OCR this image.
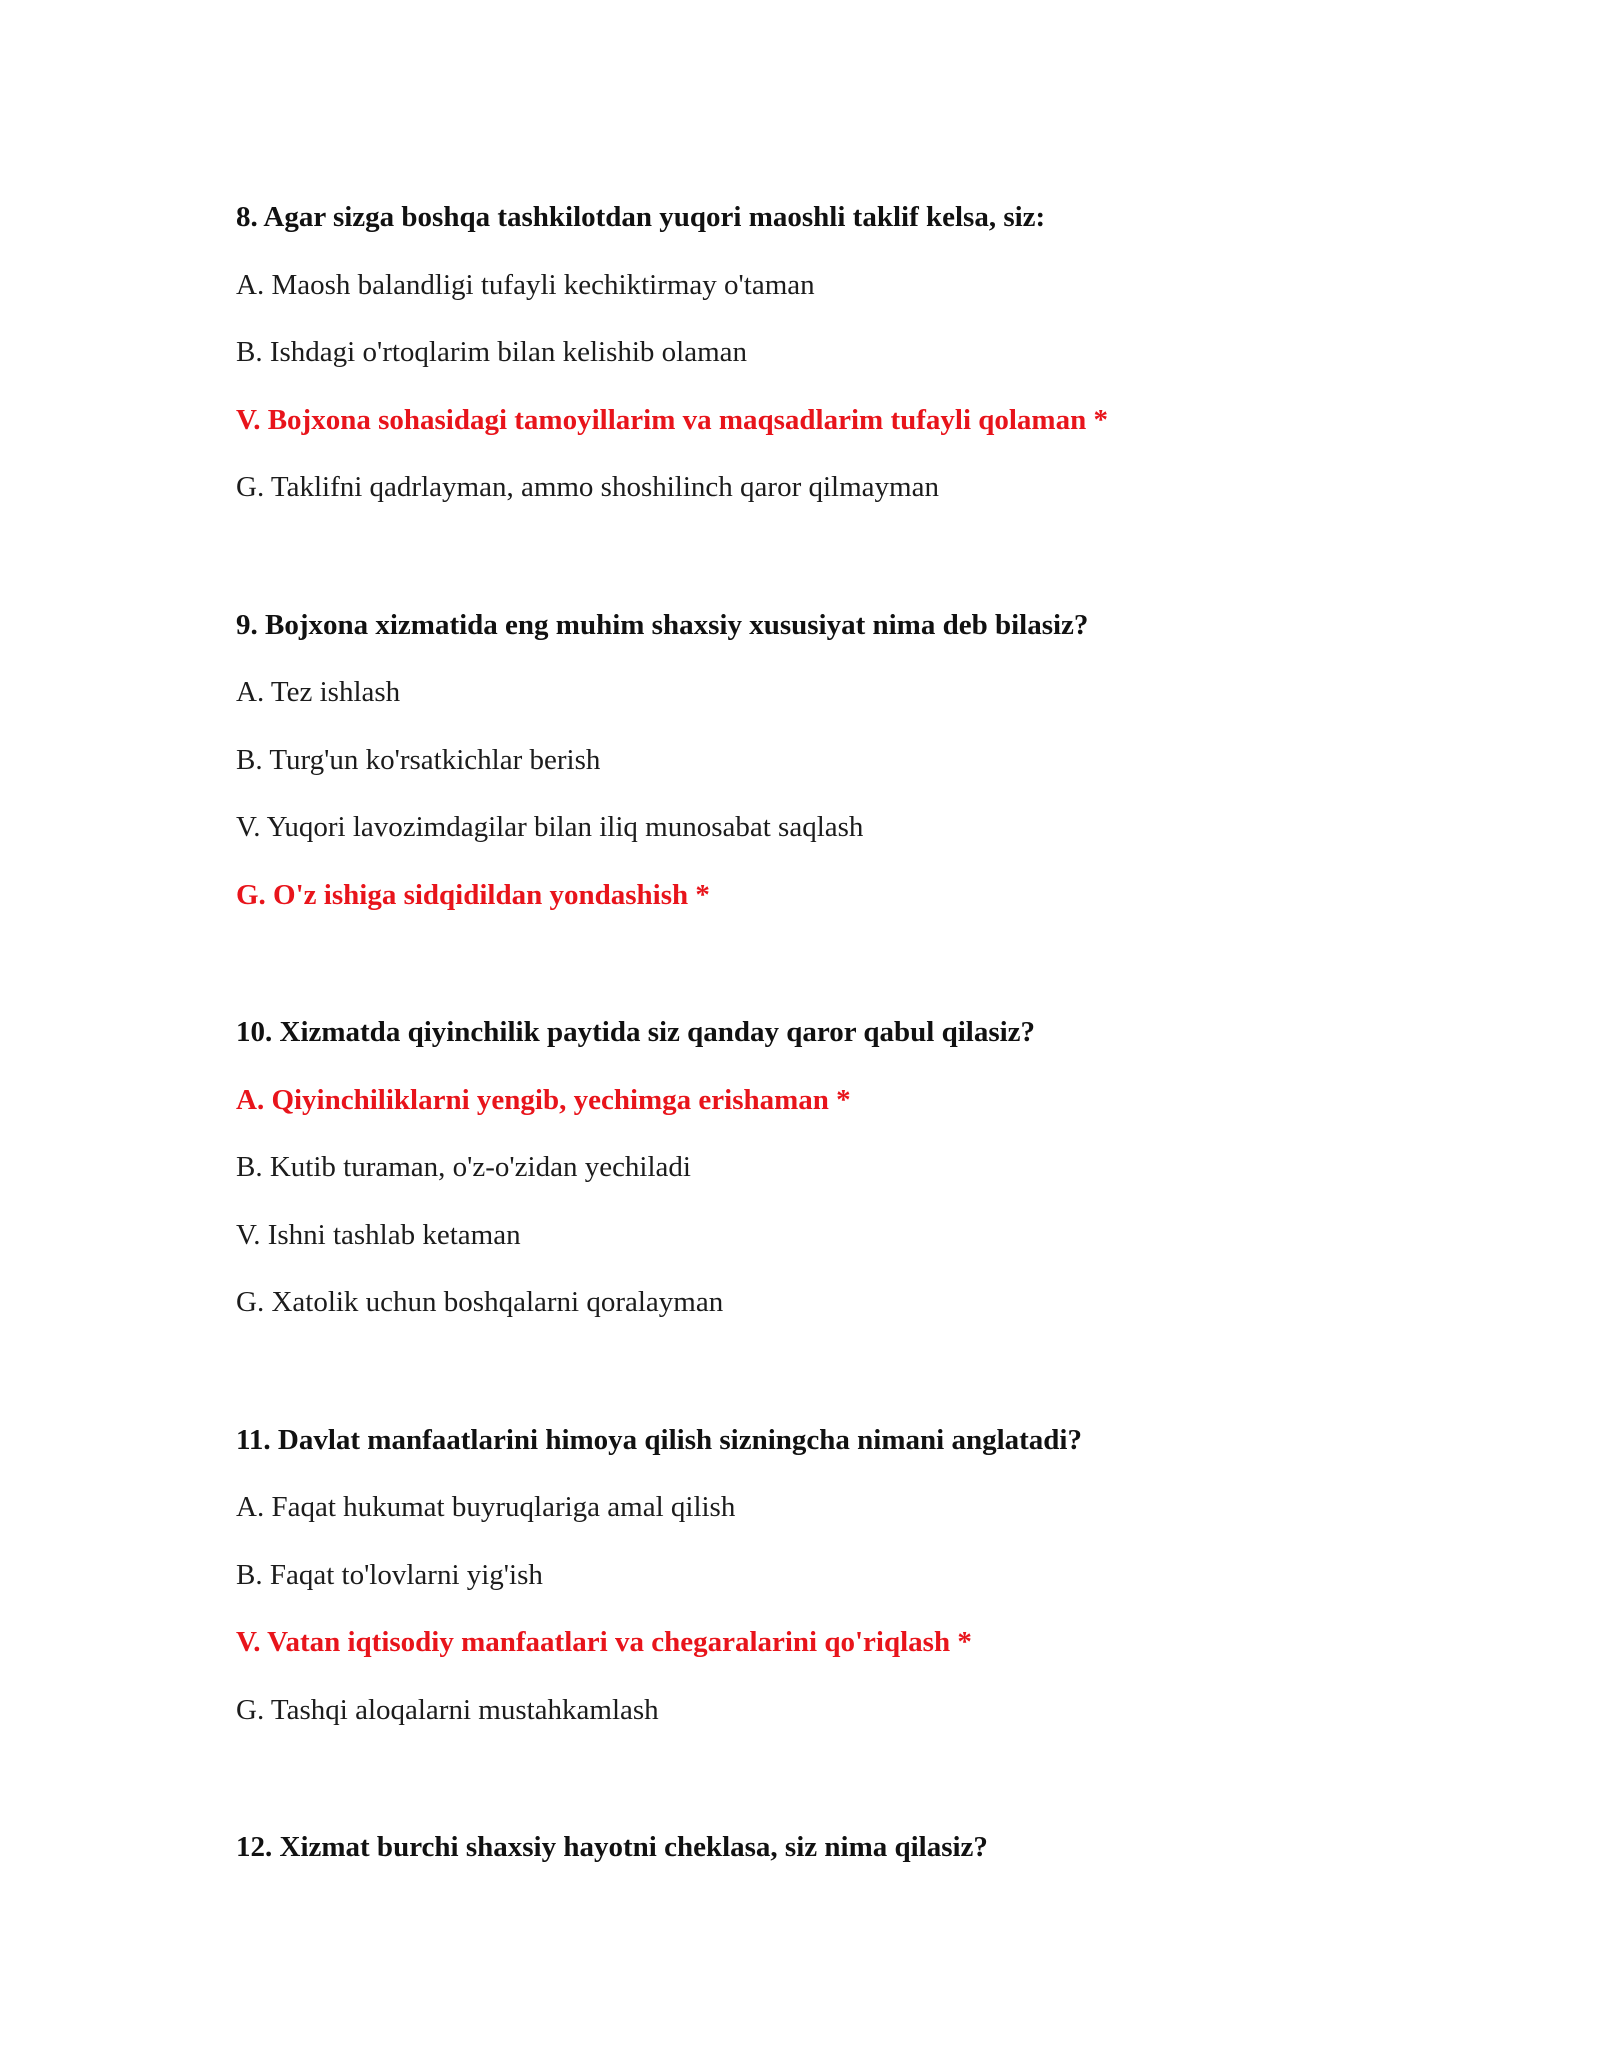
8. Agar sizga boshqa tashkilotdan yuqori maoshli taklif kelsa, siz:
A. Maosh balandligi tufayli kechiktirmay o'taman
B. Ishdagi o'rtoqlarim bilan kelishib olaman
V. Bojxona sohasidagi tamoyillarim va maqsadlarim tufayli qolaman *
G. Taklifni qadrlayman, ammo shoshilinch qaror qilmayman
9. Bojxona xizmatida eng muhim shaxsiy xususiyat nima deb bilasiz?
A. Tez ishlash
B. Turg'un ko'rsatkichlar berish
V. Yuqori lavozimdagilar bilan iliq munosabat saqlash
G. O'z ishiga sidqidildan yondashish *
10. Xizmatda qiyinchilik paytida siz qanday qaror qabul qilasiz?
A. Qiyinchiliklarni yengib, yechimga erishaman *
B. Kutib turaman, o'z-o'zidan yechiladi
V. Ishni tashlab ketaman
G. Xatolik uchun boshqalarni qoralayman
11. Davlat manfaatlarini himoya qilish sizningcha nimani anglatadi?
A. Faqat hukumat buyruqlariga amal qilish
B. Faqat to'lovlarni yig'ish
V. Vatan iqtisodiy manfaatlari va chegaralarini qo'riqlash *
G. Tashqi aloqalarni mustahkamlash
12. Xizmat burchi shaxsiy hayotni cheklasa, siz nima qilasiz?
